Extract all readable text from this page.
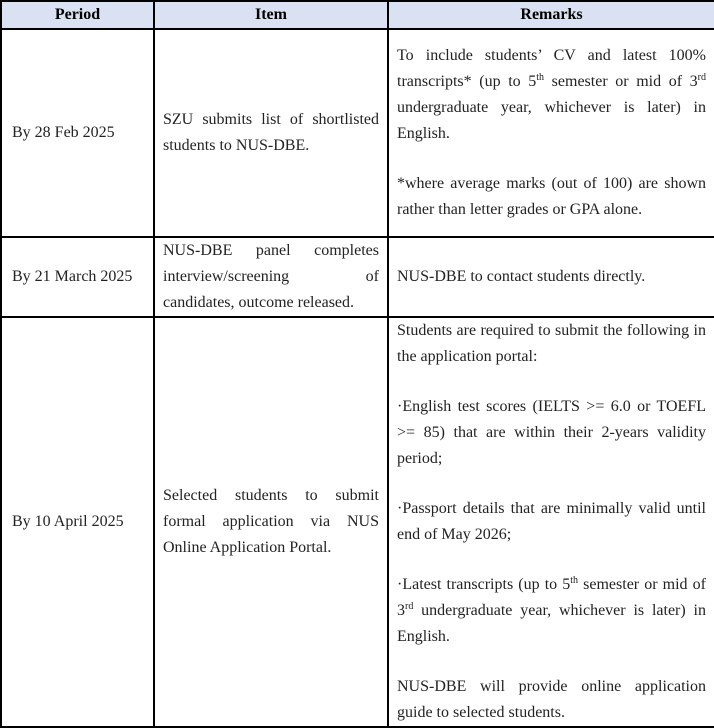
Period	Item	Remarks
By 28 Feb 2025	SZU submits list of shortlisted students to NUS-DBE.	To include students’ CV and latest 100% transcripts* (up to 5th semester or mid of 3rd undergraduate year, whichever is later) in English.

*where average marks (out of 100) are shown rather than letter grades or GPA alone.

By 21 March 2025	NUS-DBE panel completes interview/screening of candidates, outcome released.	NUS-DBE to contact students directly.

By 10 April 2025	Selected students to submit formal application via NUS Online Application Portal.	Students are required to submit the following in the application portal:

·English test scores (IELTS >= 6.0 or TOEFL >= 85) that are within their 2-years validity period;

·Passport details that are minimally valid until end of May 2026;

·Latest transcripts (up to 5th semester or mid of 3rd undergraduate year, whichever is later) in English.

NUS-DBE will provide online application guide to selected students.
